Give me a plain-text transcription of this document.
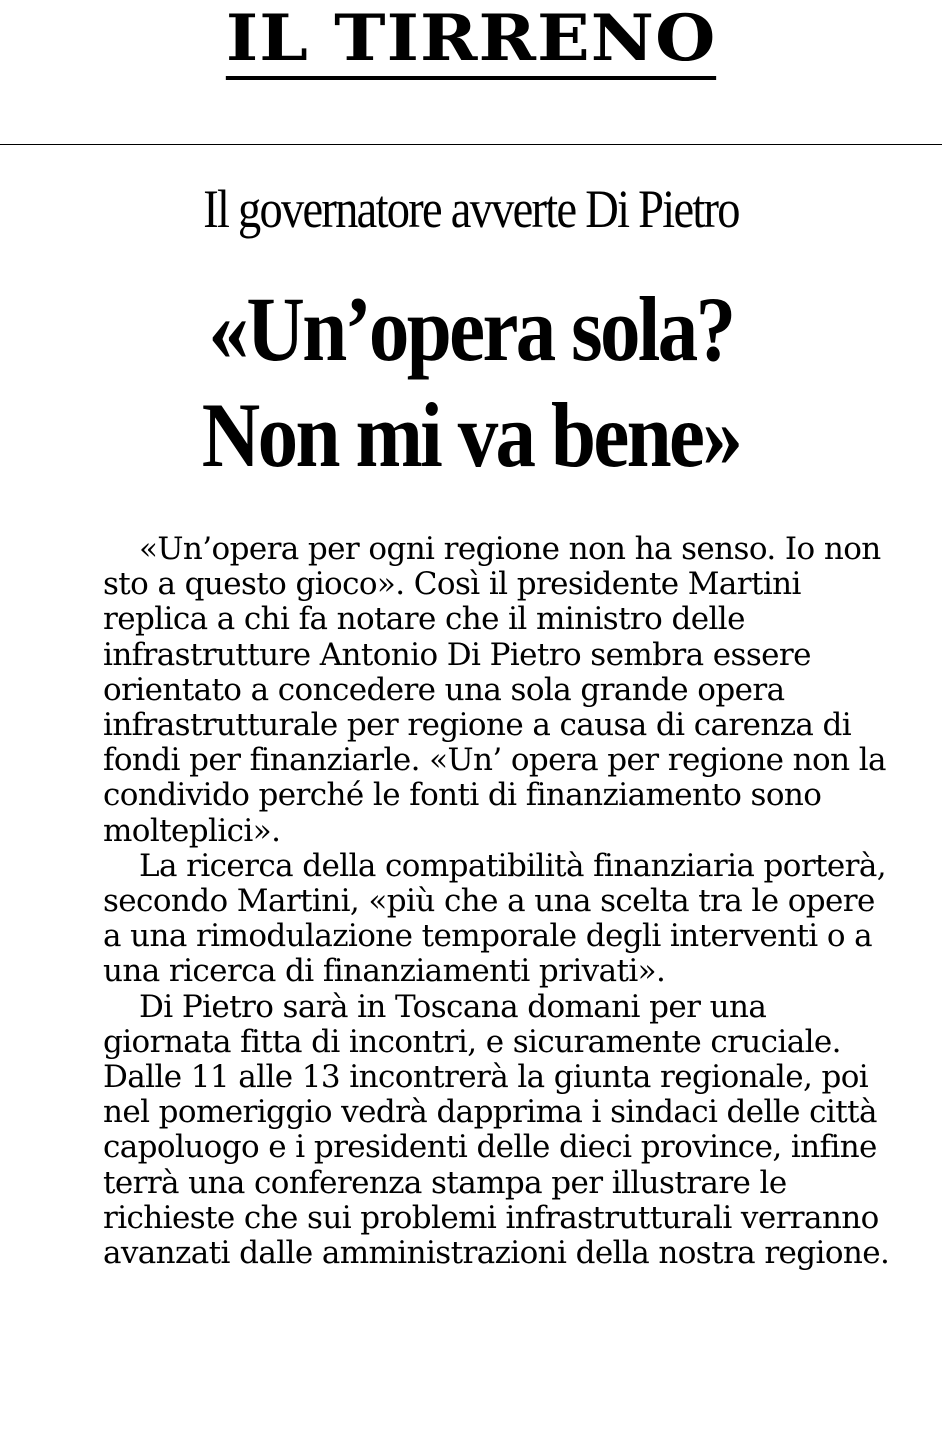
IL TIRRENO
Il governatore avverte Di Pietro
«Un’opera sola?
Non mi va bene»

«Un’opera per ogni regione non ha senso. Io non sto a questo gioco». Così il presidente Martini replica a chi fa notare che il ministro delle infrastrutture Antonio Di Pietro sembra essere orientato a concedere una sola grande opera infrastrutturale per regione a causa di carenza di fondi per finanziarle. «Un’ opera per regione non la condivido perché le fonti di finanziamento sono molteplici».

La ricerca della compatibilità finanziaria porterà, secondo Martini, «più che a una scelta tra le opere a una rimodulazione temporale degli interventi o a una ricerca di finanziamenti privati».

Di Pietro sarà in Toscana domani per una giornata fitta di incontri, e sicuramente cruciale. Dalle 11 alle 13 incontrerà la giunta regionale, poi nel pomeriggio vedrà dapprima i sindaci delle città capoluogo e i presidenti delle dieci province, infine terrà una conferenza stampa per illustrare le richieste che sui problemi infrastrutturali verranno avanzati dalle amministrazioni della nostra regione.
